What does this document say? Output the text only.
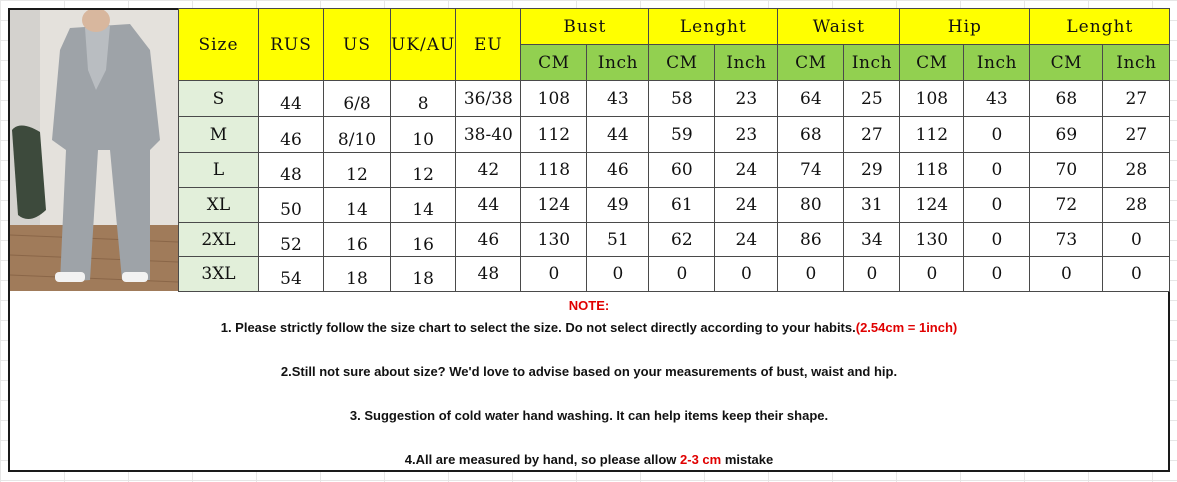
Size	RUS	US	UK/AU	EU	Bust		Lenght		Waist		Hip		Lenght	
					CM	Inch	CM	Inch	CM	Inch	CM	Inch	CM	Inch
S	44	6/8	8	36/38	108	43	58	23	64	25	108	43	68	27
M	46	8/10	10	38-40	112	44	59	23	68	27	112	0	69	27
L	48	12	12	42	118	46	60	24	74	29	118	0	70	28
XL	50	14	14	44	124	49	61	24	80	31	124	0	72	28
2XL	52	16	16	46	130	51	62	24	86	34	130	0	73	0
3XL	54	18	18	48	0	0	0	0	0	0	0	0	0	0
NOTE:
1. Please strictly follow the size chart to select the size. Do not select directly according to your habits.(2.54cm = 1inch)
2.Still not sure about size? We'd love to advise based on your measurements of bust, waist and hip.
3. Suggestion of cold water hand washing. It can help items keep their shape.
4.All are measured by hand, so please allow 2-3 cm mistake
